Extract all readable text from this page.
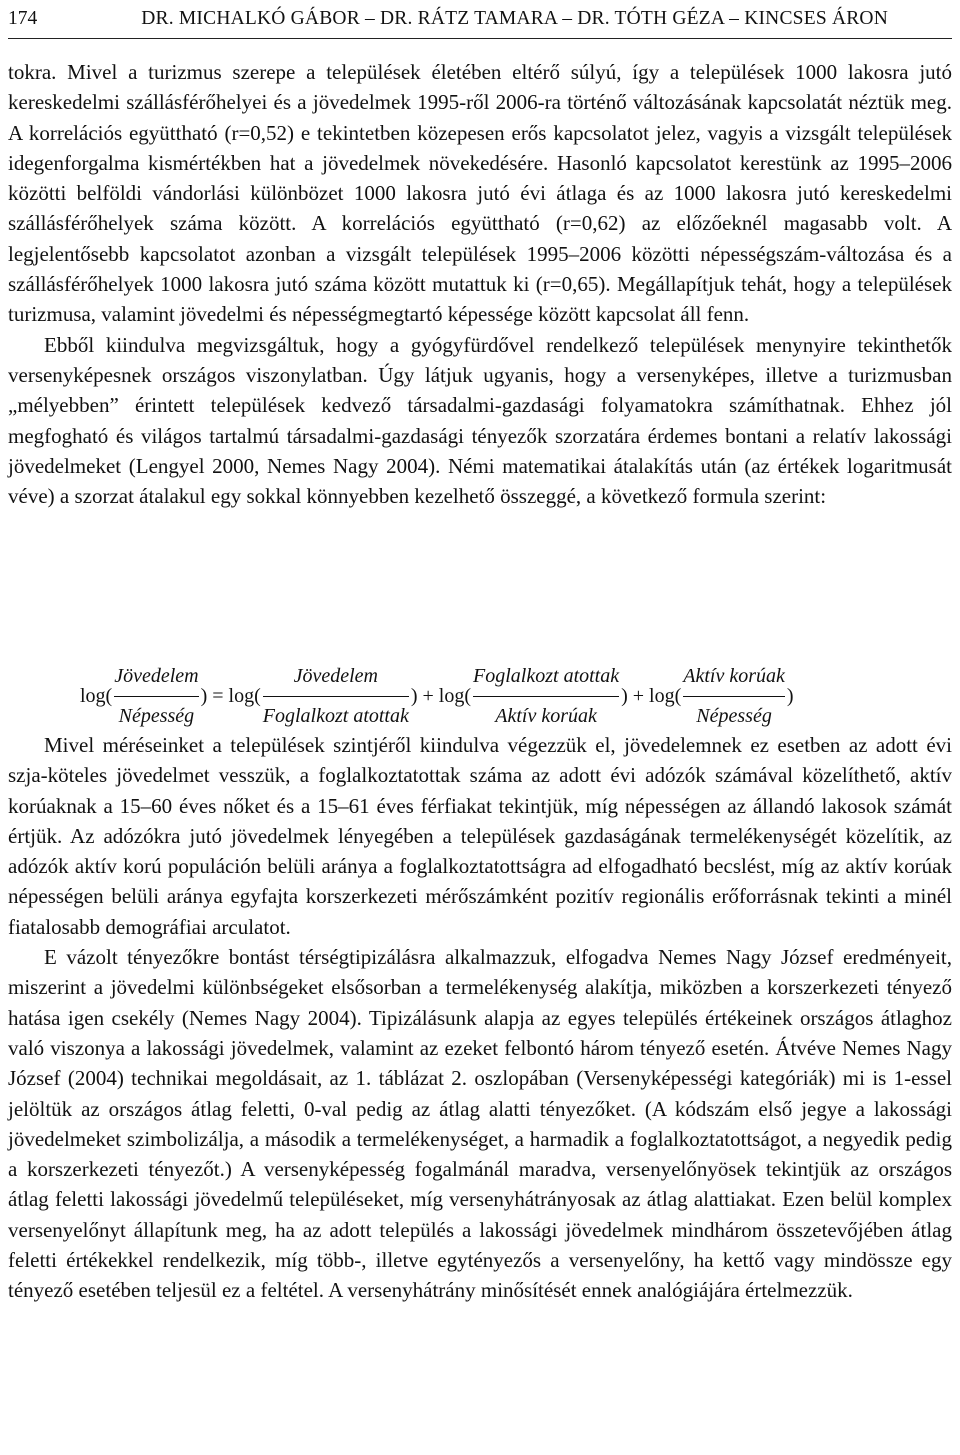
174	DR. MICHALKÓ GÁBOR – DR. RÁTZ TAMARA – DR. TÓTH GÉZA – KINCSES ÁRON

tokra. Mivel a turizmus szerepe a települések életében eltérő súlyú, így a települések 1000 lakosra jutó kereskedelmi szállásférőhelyei és a jövedelmek 1995-ről 2006-ra történő változásának kapcsolatát néztük meg. A korrelációs együttható (r=0,52) e tekintetben közepesen erős kapcsolatot jelez, vagyis a vizsgált települések idegenforgalma kismértékben hat a jövedelmek növekedésére. Hasonló kapcsolatot kerestünk az 1995–2006 közötti belföldi vándorlási különbözet 1000 lakosra jutó évi átlaga és az 1000 lakosra jutó kereskedelmi szállásférőhelyek száma között. A korrelációs együttható (r=0,62) az előzőeknél magasabb volt. A legjelentősebb kapcsolatot azonban a vizsgált települések 1995–2006 közötti népességszám-változása és a szállásférőhelyek 1000 lakosra jutó száma között mutattuk ki (r=0,65). Megállapítjuk tehát, hogy a települések turizmusa, valamint jövedelmi és népességmegtartó képessége között kapcsolat áll fenn.

Ebből kiindulva megvizsgáltuk, hogy a gyógyfürdővel rendelkező települések menynyire tekinthetők versenyképesnek országos viszonylatban. Úgy látjuk ugyanis, hogy a versenyképes, illetve a turizmusban „mélyebben” érintett települések kedvező társadalmi-gazdasági folyamatokra számíthatnak. Ehhez jól megfogható és világos tartalmú társadalmi-gazdasági tényezők szorzatára érdemes bontani a relatív lakossági jövedelmeket (Lengyel 2000, Nemes Nagy 2004). Némi matematikai átalakítás után (az értékek logaritmusát véve) a szorzat átalakul egy sokkal könnyebben kezelhető összeggé, a következő formula szerint:

log(
Jövedelem
Népesség
) = log(
Jövedelem
Foglalkozt atottak
) + log(
Foglalkozt atottak
Aktív korúak
) + log(
Aktív korúak
Népesség
)

Mivel méréseinket a települések szintjéről kiindulva végezzük el, jövedelemnek ez esetben az adott évi szja-köteles jövedelmet vesszük, a foglalkoztatottak száma az adott évi adózók számával közelíthető, aktív korúaknak a 15–60 éves nőket és a 15–61 éves férfiakat tekintjük, míg népességen az állandó lakosok számát értjük. Az adózókra jutó jövedelmek lényegében a települések gazdaságának termelékenységét közelítik, az adózók aktív korú populáción belüli aránya a foglalkoztatottságra ad elfogadható becslést, míg az aktív korúak népességen belüli aránya egyfajta korszerkezeti mérőszámként pozitív regionális erőforrásnak tekinti a minél fiatalosabb demográfiai arculatot.

E vázolt tényezőkre bontást térségtipizálásra alkalmazzuk, elfogadva Nemes Nagy József eredményeit, miszerint a jövedelmi különbségeket elsősorban a termelékenység alakítja, miközben a korszerkezeti tényező hatása igen csekély (Nemes Nagy 2004). Tipizálásunk alapja az egyes település értékeinek országos átlaghoz való viszonya a lakossági jövedelmek, valamint az ezeket felbontó három tényező esetén. Átvéve Nemes Nagy József (2004) technikai megoldásait, az 1. táblázat 2. oszlopában (Versenyképességi kategóriák) mi is 1-essel jelöltük az országos átlag feletti, 0-val pedig az átlag alatti tényezőket. (A kódszám első jegye a lakossági jövedelmeket szimbolizálja, a második a termelékenységet, a harmadik a foglalkoztatottságot, a negyedik pedig a korszerkezeti tényezőt.) A versenyképesség fogalmánál maradva, versenyelőnyösek tekintjük az országos átlag feletti lakossági jövedelmű településeket, míg versenyhátrányosak az átlag alattiakat. Ezen belül komplex versenyelőnyt állapítunk meg, ha az adott település a lakossági jövedelmek mindhárom összetevőjében átlag feletti értékekkel rendelkezik, míg több-, illetve egytényezős a versenyelőny, ha kettő vagy mindössze egy tényező esetében teljesül ez a feltétel. A versenyhátrány minősítését ennek analógiájára értelmezzük.
